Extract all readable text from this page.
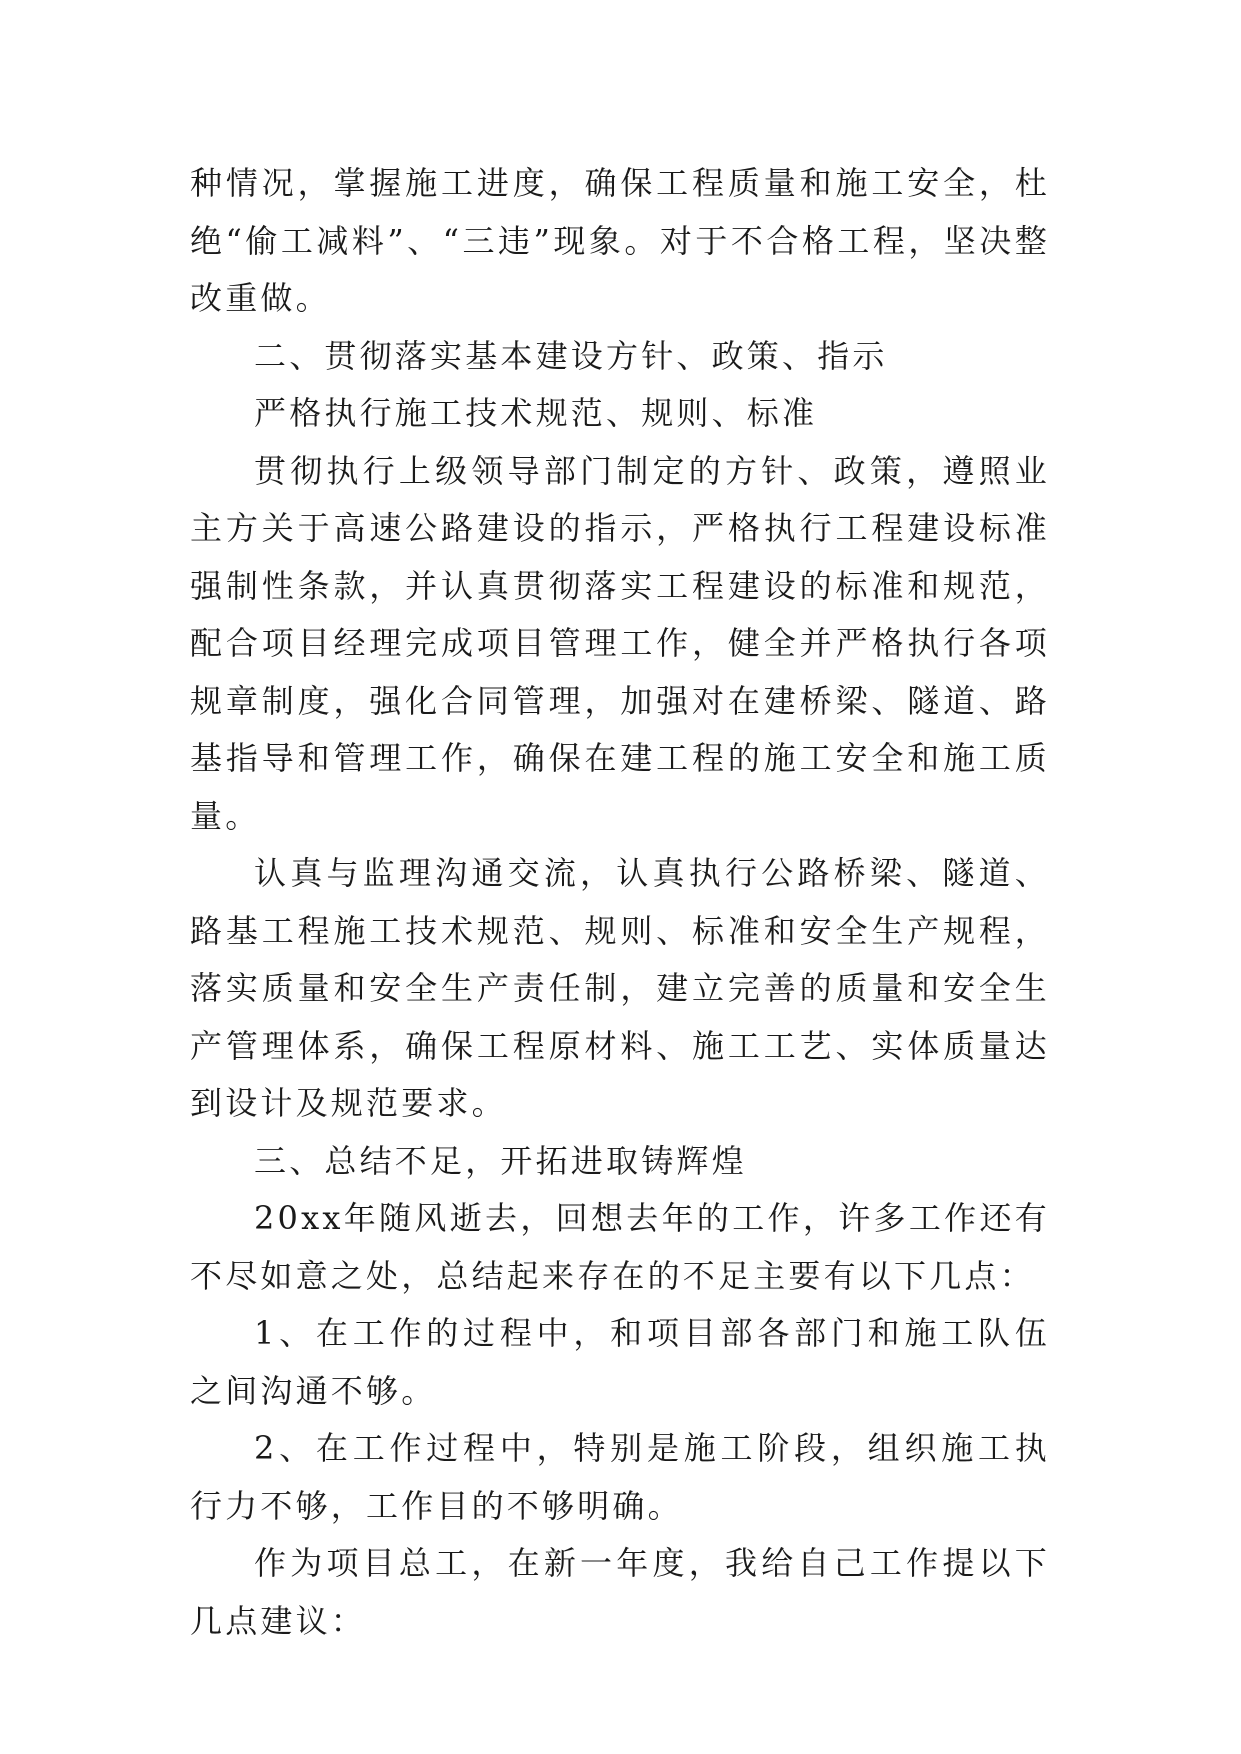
种情况，掌握施工进度，确保工程质量和施工安全，杜绝“偷工减料”、“三违”现象。对于不合格工程，坚决整改重做。

二、贯彻落实基本建设方针、政策、指示

严格执行施工技术规范、规则、标准

贯彻执行上级领导部门制定的方针、政策，遵照业主方关于高速公路建设的指示，严格执行工程建设标准强制性条款，并认真贯彻落实工程建设的标准和规范，配合项目经理完成项目管理工作，健全并严格执行各项规章制度，强化合同管理，加强对在建桥梁、隧道、路基指导和管理工作，确保在建工程的施工安全和施工质量。

认真与监理沟通交流，认真执行公路桥梁、隧道、路基工程施工技术规范、规则、标准和安全生产规程，落实质量和安全生产责任制，建立完善的质量和安全生产管理体系，确保工程原材料、施工工艺、实体质量达到设计及规范要求。

三、总结不足，开拓进取铸辉煌

20xx年随风逝去，回想去年的工作，许多工作还有不尽如意之处，总结起来存在的不足主要有以下几点：

1、在工作的过程中，和项目部各部门和施工队伍之间沟通不够。

2、在工作过程中，特别是施工阶段，组织施工执行力不够，工作目的不够明确。

作为项目总工，在新一年度，我给自己工作提以下几点建议：
